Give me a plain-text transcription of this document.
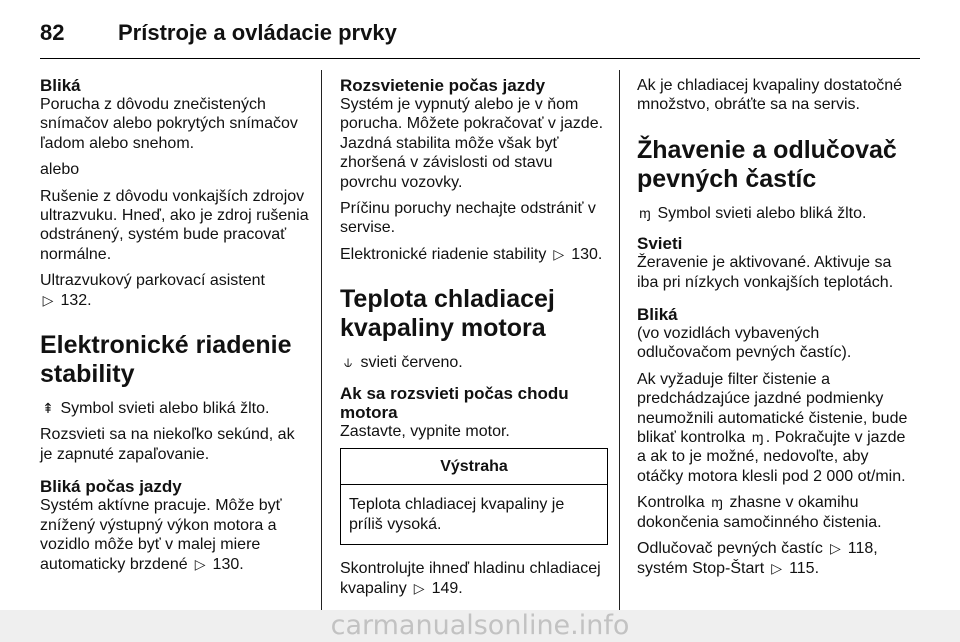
82 Prístroje a ovládacie prvky
Bliká

Porucha z dôvodu znečistených snímačov alebo pokrytých snímačov ľadom alebo snehom.

alebo

Rušenie z dôvodu vonkajších zdrojov ultrazvuku. Hneď, ako je zdroj rušenia odstránený, systém bude pracovať normálne.

Ultrazvukový parkovací asistent
▷ 132.

Elektronické riadenie stability

⇞ Symbol svieti alebo bliká žlto.

Rozsvieti sa na niekoľko sekúnd, ak je zapnuté zapaľovanie.

Bliká počas jazdy

Systém aktívne pracuje. Môže byť znížený výstupný výkon motora a vozidlo môže byť v malej miere automaticky brzdené ▷ 130.

Rozsvietenie počas jazdy

Systém je vypnutý alebo je v ňom porucha. Môžete pokračovať v jazde. Jazdná stabilita môže však byť zhoršená v závislosti od stavu povrchu vozovky.

Príčinu poruchy nechajte odstrániť v servise.

Elektronické riadenie stability ▷ 130.

Teplota chladiacej kvapaliny motora

⫝ svieti červeno.

Ak sa rozsvieti počas chodu motora

Zastavte, vypnite motor.

Výstraha
Teplota chladiacej kvapaliny je príliš vysoká.

Skontrolujte ihneď hladinu chladiacej kvapaliny ▷ 149.

Ak je chladiacej kvapaliny dostatočné množstvo, obráťte sa na servis.

Žhavenie a odlučovač pevných častíc

ɱ Symbol svieti alebo bliká žlto.

Svieti

Žeravenie je aktivované. Aktivuje sa iba pri nízkych vonkajších teplotách.

Bliká

(vo vozidlách vybavených odlučovačom pevných častíc).

Ak vyžaduje filter čistenie a predchádzajúce jazdné podmienky neumožnili automatické čistenie, bude blikať kontrolka ɱ . Pokračujte v jazde a ak to je možné, nedovoľte, aby otáčky motora klesli pod 2 000 ot/min.

Kontrolka ɱ zhasne v okamihu dokončenia samočinného čistenia.

Odlučovač pevných častíc ▷ 118,
systém Stop-Štart ▷ 115.

carmanualsonline.info
